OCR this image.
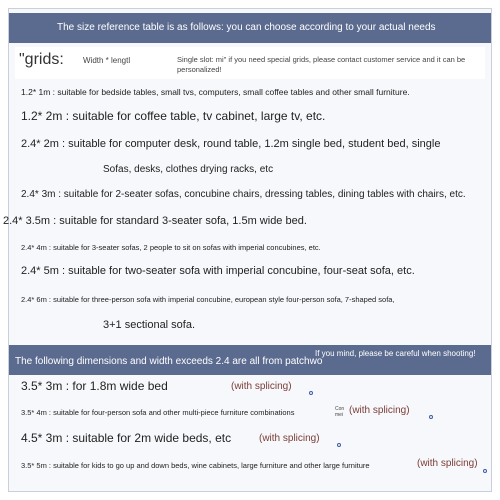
The size reference table is as follows: you can choose according to your actual needs
"grids: Width * lengtl	Single slot: mi" if you need special grids, please contact customer service and it can be personalized!
1.2* 1m : suitable for bedside tables, small tvs, computers, small coffee tables and other small furniture.
1.2* 2m : suitable for coffee table, tv cabinet, large tv, etc.
2.4* 2m : suitable for computer desk, round table, 1.2m single bed, student bed, single
Sofas, desks, clothes drying racks, etc
2.4* 3m : suitable for 2-seater sofas, concubine chairs, dressing tables, dining tables with chairs, etc.
2.4* 3.5m : suitable for standard 3-seater sofa, 1.5m wide bed.
2.4* 4m : suitable for 3-seater sofas, 2 people to sit on sofas with imperial concubines, etc.
2.4* 5m : suitable for two-seater sofa with imperial concubine, four-seat sofa, etc.
2.4* 6m : suitable for three-person sofa with imperial concubine, european style four-person sofa, 7-shaped sofa,
3+1 sectional sofa.
The following dimensions and width exceeds 2.4 are all from patchwo
If you mind, please be careful when shooting!
3.5* 3m : for 1.8m wide bed	(with splicing)
3.5* 4m : suitable for four-person sofa and other multi-piece furniture combinations	Con mei (with splicing)
4.5* 3m : suitable for 2m wide beds, etc	(with splicing)
3.5* 5m : suitable for kids to go up and down beds, wine cabinets, large furniture and other large furniture	(with splicing)
